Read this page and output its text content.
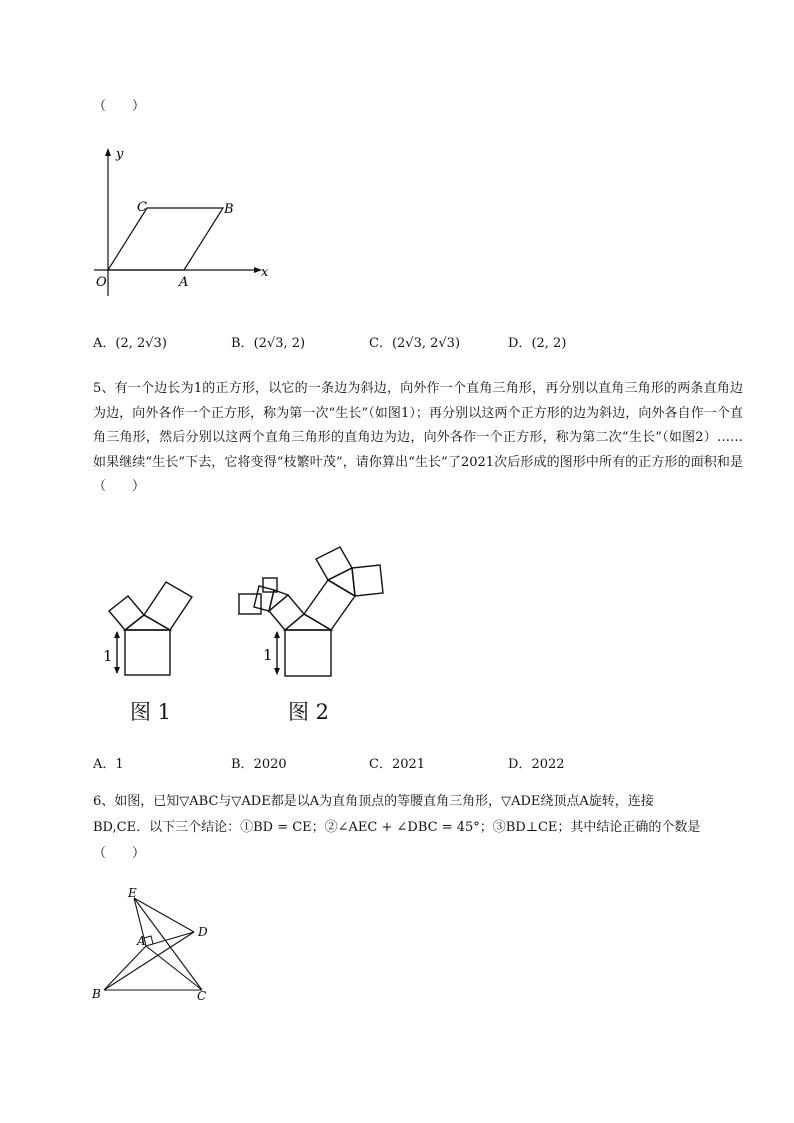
（　　）
y
x
O	A
B
C
A．(2, 2√3)	B．(2√3, 2)	C．(2√3, 2√3)	D．(2, 2)
5、有一个边长为1的正方形，以它的一条边为斜边，向外作一个直角三角形，再分别以直角三角形的两条直角边为边，向外各作一个正方形，称为第一次“生长”（如图1）；再分别以这两个正方形的边为斜边，向外各自作一个直角三角形，然后分别以这两个直角三角形的直角边为边，向外各作一个正方形，称为第二次“生长”（如图2）……如果继续“生长”下去，它将变得“枝繁叶茂”，请你算出“生长”了2021次后形成的图形中所有的正方形的面积和是（　　）
1
图 1
1
图 2
A．1	B．2020	C．2021	D．2022
6、如图，已知▽ABC与▽ADE都是以A为直角顶点的等腰直角三角形，▽ADE绕顶点A旋转，连接
BD,CE．以下三个结论：①BD = CE；②∠AEC + ∠DBC = 45°；③BD⊥CE；其中结论正确的个数是
（　　）
E
A
D
B	C
